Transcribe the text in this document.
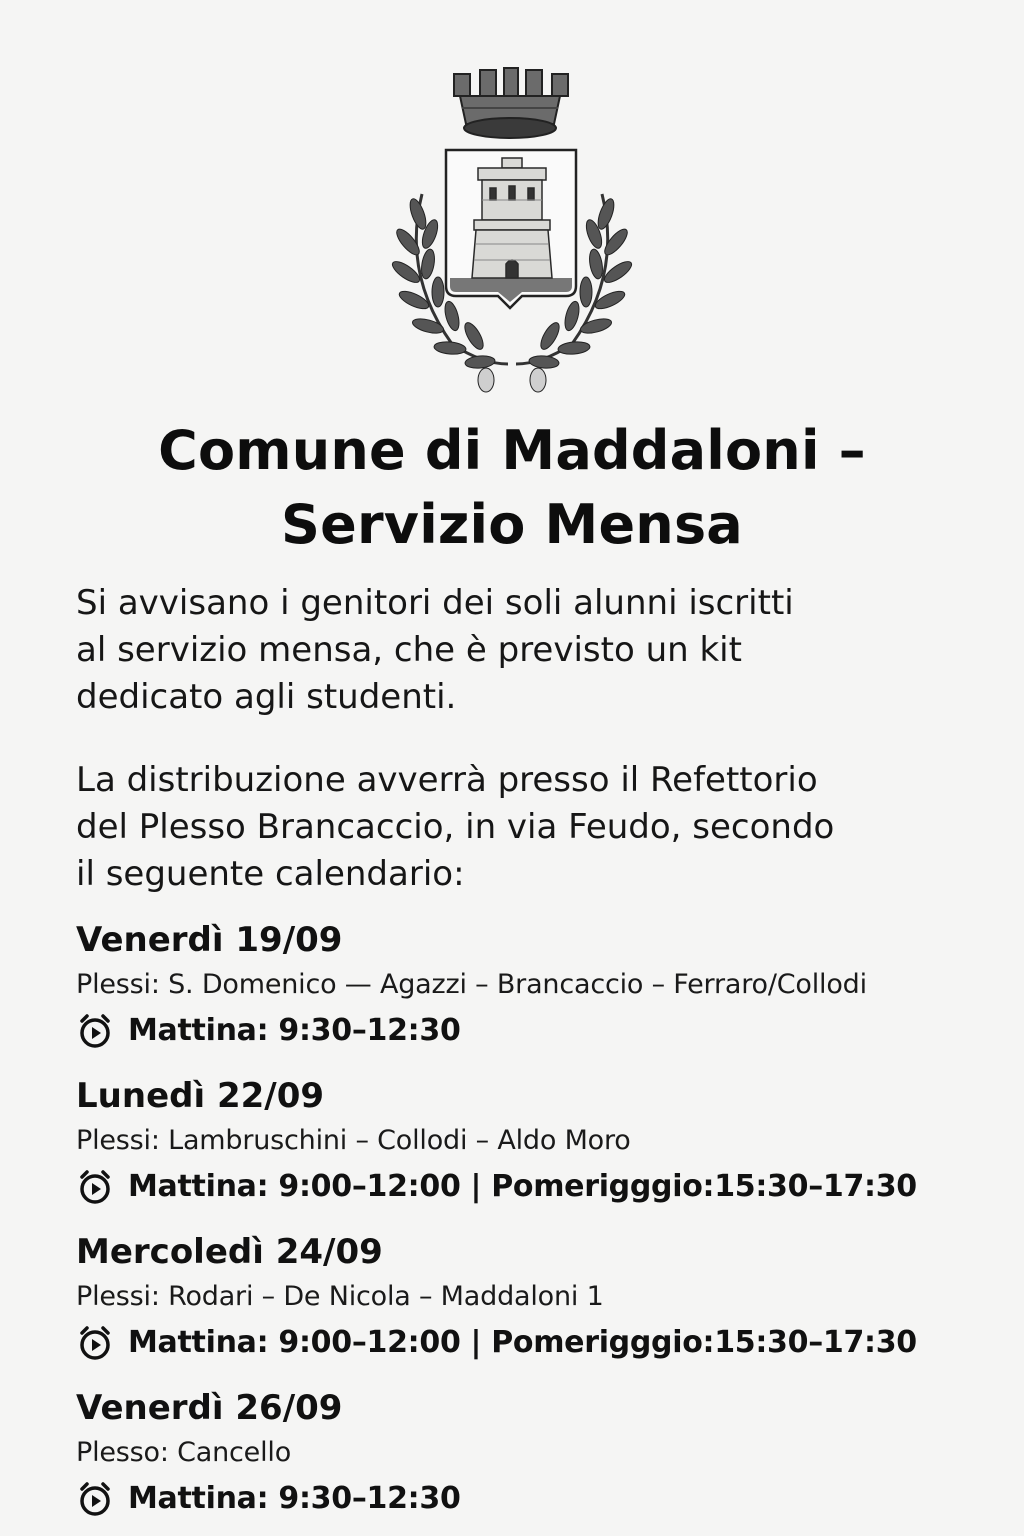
Comune di Maddaloni –
Servizio Mensa
Si avvisano i genitori dei soli alunni iscritti
al servizio mensa, che è previsto un kit
dedicato agli studenti.
La distribuzione avverrà presso il Refettorio
del Plesso Brancaccio, in via Feudo, secondo
il seguente calendario:
Venerdì 19/09
Plessi: S. Domenico — Agazzi – Brancaccio – Ferraro/Collodi
Mattina: 9:30–12:30
Lunedì 22/09
Plessi: Lambruschini – Collodi – Aldo Moro
Mattina: 9:00–12:00 | Pomerigggio:15:30–17:30
Mercoledì 24/09
Plessi: Rodari – De Nicola – Maddaloni 1
Mattina: 9:00–12:00 | Pomerigggio:15:30–17:30
Venerdì 26/09
Plesso: Cancello
Mattina: 9:30–12:30
